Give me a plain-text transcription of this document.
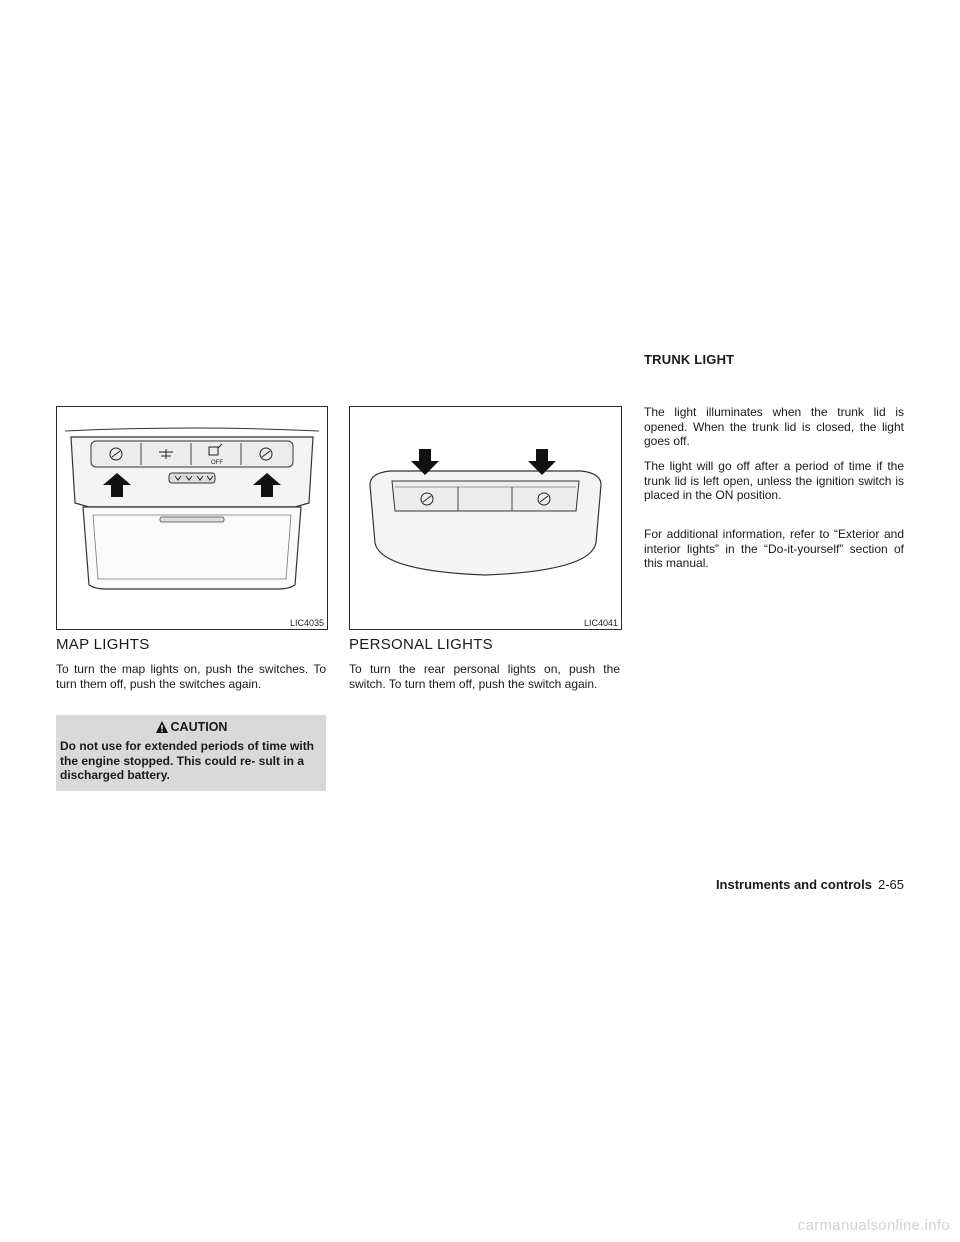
OFF
LIC4035	LIC4041
MAP LIGHTS

To turn the map lights on, push the switches. To turn them off, push the switches again.

CAUTION
Do not use for extended periods of time with the engine stopped. This could re- sult in a discharged battery.
PERSONAL LIGHTS

To turn the rear personal lights on, push the switch. To turn them off, push the switch again.

TRUNK LIGHT

The light illuminates when the trunk lid is opened. When the trunk lid is closed, the light goes off.

The light will go off after a period of time if the trunk lid is left open, unless the ignition switch is placed in the ON position.

For additional information, refer to “Exterior and interior lights” in the “Do-it-yourself” section of this manual.

Instruments and controls 2-65
carmanualsonline.info
